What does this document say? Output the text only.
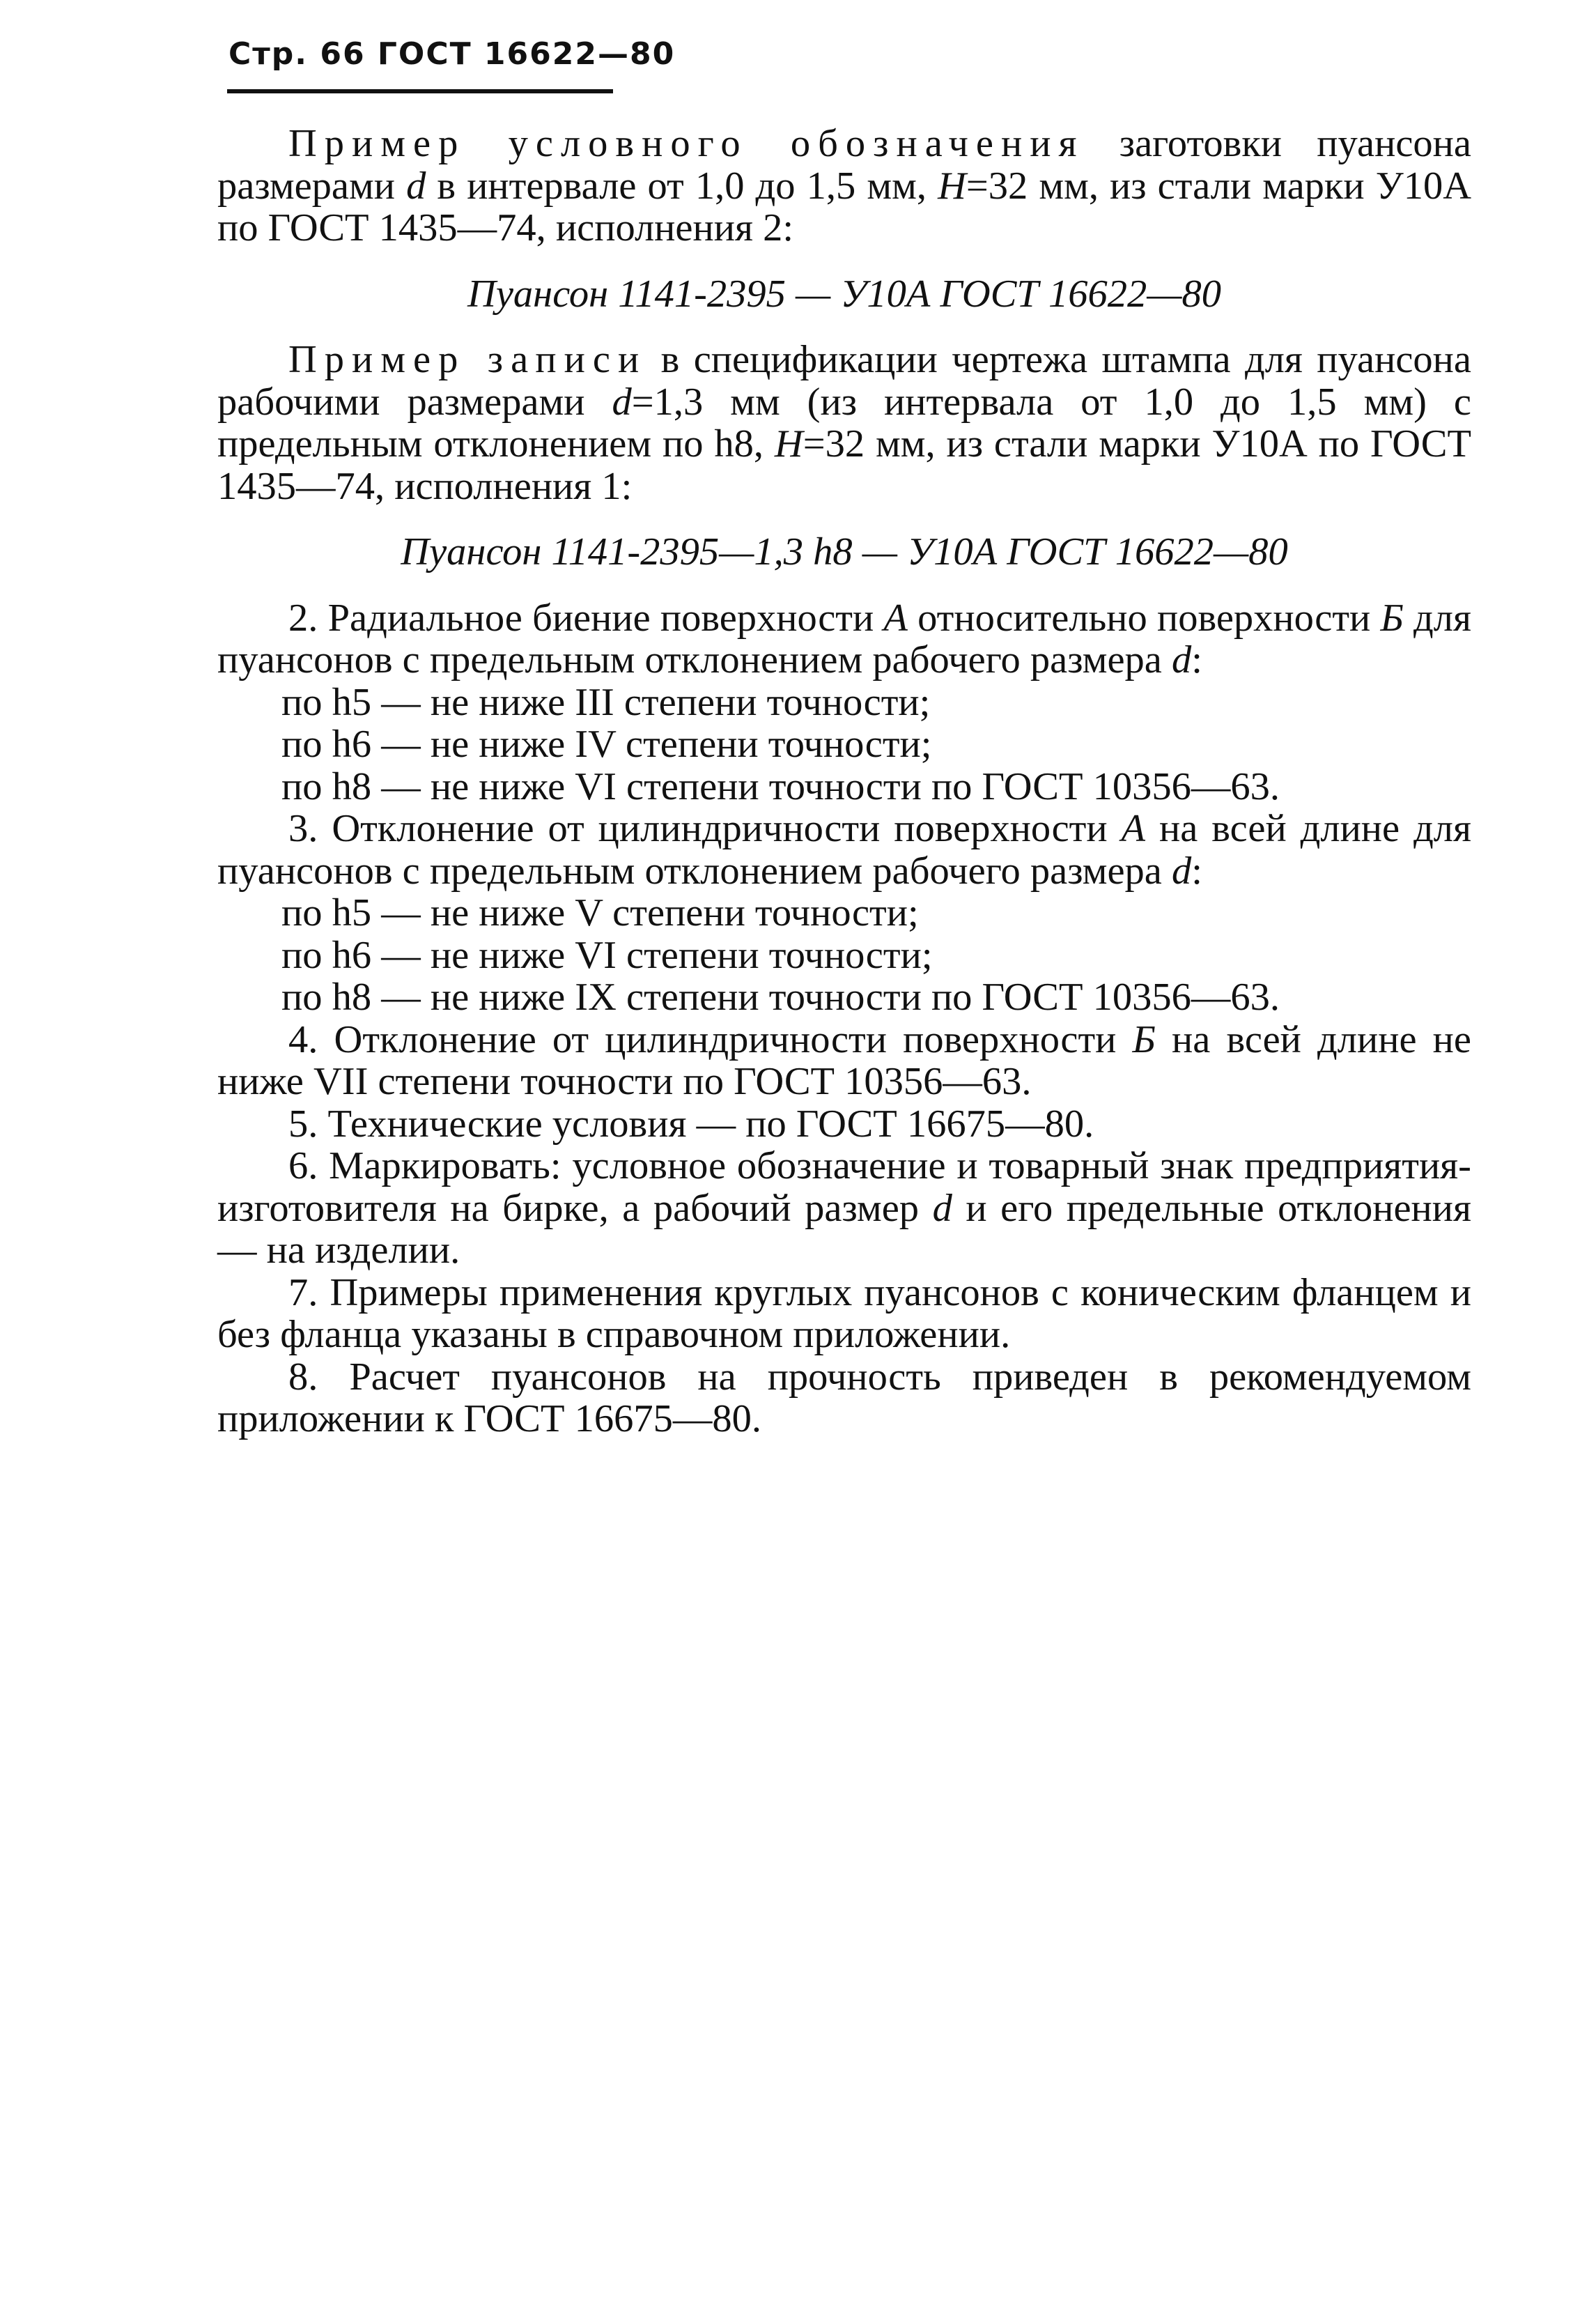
Стр. 66 ГОСТ 16622—80

Пример условного обозначения заготовки пуансона размерами d в интервале от 1,0 до 1,5 мм, H=32 мм, из стали марки У10А по ГОСТ 1435—74, исполнения 2:

Пуансон 1141-2395 — У10А ГОСТ 16622—80

Пример записи в спецификации чертежа штампа для пуансона рабочими размерами d=1,3 мм (из интервала от 1,0 до 1,5 мм) с предельным отклонением по h8, H=32 мм, из стали марки У10А по ГОСТ 1435—74, исполнения 1:

Пуансон 1141-2395—1,3 h8 — У10А ГОСТ 16622—80

2. Радиальное биение поверхности А относительно поверхности Б для пуансонов с предельным отклонением рабочего размера d:

по h5 — не ниже III степени точности;

по h6 — не ниже IV степени точности;

по h8 — не ниже VI степени точности по ГОСТ 10356—63.

3. Отклонение от цилиндричности поверхности А на всей длине для пуансонов с предельным отклонением рабочего размера d:

по h5 — не ниже V степени точности;

по h6 — не ниже VI степени точности;

по h8 — не ниже IX степени точности по ГОСТ 10356—63.

4. Отклонение от цилиндричности поверхности Б на всей длине не ниже VII степени точности по ГОСТ 10356—63.

5. Технические условия — по ГОСТ 16675—80.

6. Маркировать: условное обозначение и товарный знак предприятия-изготовителя на бирке, а рабочий размер d и его предельные отклонения — на изделии.

7. Примеры применения круглых пуансонов с коническим фланцем и без фланца указаны в справочном приложении.

8. Расчет пуансонов на прочность приведен в рекомендуемом приложении к ГОСТ 16675—80.
